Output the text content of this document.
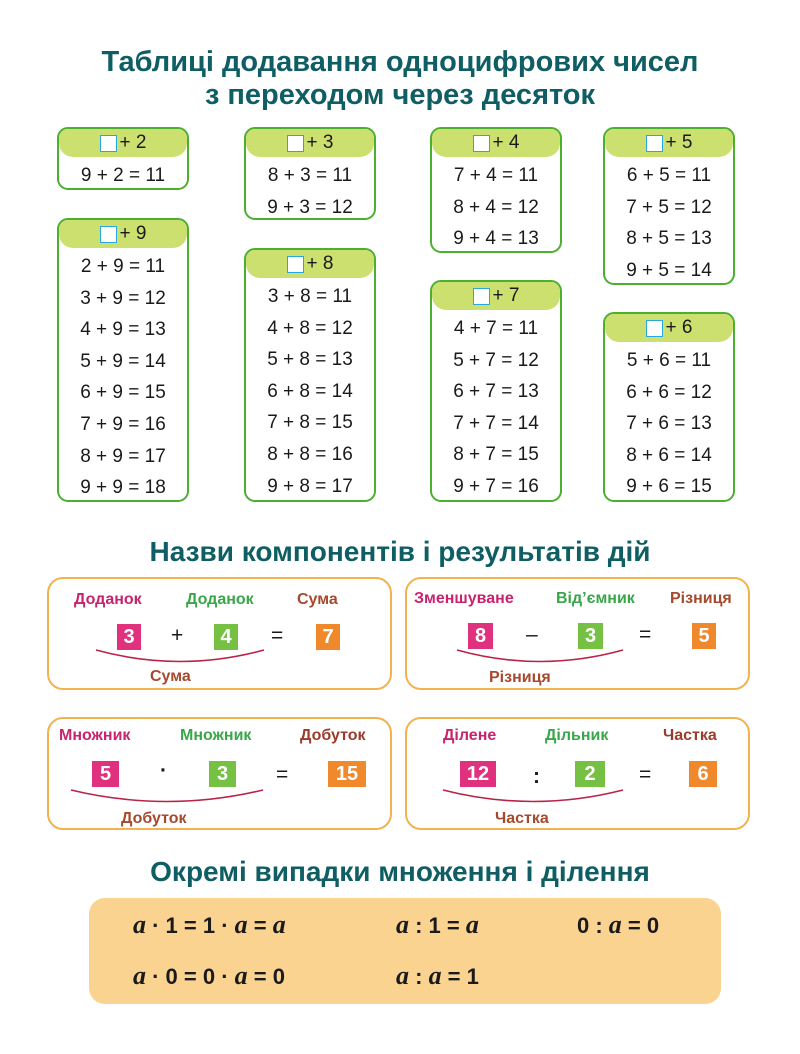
Таблиці додавання одноцифрових чисел
з переходом через десяток
+ 2
9 + 2 = 11
+ 3
8 + 3 = 11
9 + 3 = 12
+ 4
7 + 4 = 11
8 + 4 = 12
9 + 4 = 13
+ 5
6 + 5 = 11
7 + 5 = 12
8 + 5 = 13
9 + 5 = 14
+ 9
2 + 9 = 11
3 + 9 = 12
4 + 9 = 13
5 + 9 = 14
6 + 9 = 15
7 + 9 = 16
8 + 9 = 17
9 + 9 = 18
+ 8
3 + 8 = 11
4 + 8 = 12
5 + 8 = 13
6 + 8 = 14
7 + 8 = 15
8 + 8 = 16
9 + 8 = 17
+ 7
4 + 7 = 11
5 + 7 = 12
6 + 7 = 13
7 + 7 = 14
8 + 7 = 15
9 + 7 = 16
+ 6
5 + 6 = 11
6 + 6 = 12
7 + 6 = 13
8 + 6 = 14
9 + 6 = 15
Назви компонентів і результатів дій
Доданок	Доданок	Сума
3	+	4	=	7
Сума
Зменшуване	Від’ємник Різниця
8	–	3	=	5
Різниця
Множник	Множник	Добуток
5	·	3	=	15
Добуток
Ділене	Дільник	Частка
12	:	2	=	6
Частка
Окремі випадки множення і ділення
a · 1 = 1 · a = a	a : 1 = a	0 : a = 0
a · 0 = 0 · a = 0	a : a = 1
